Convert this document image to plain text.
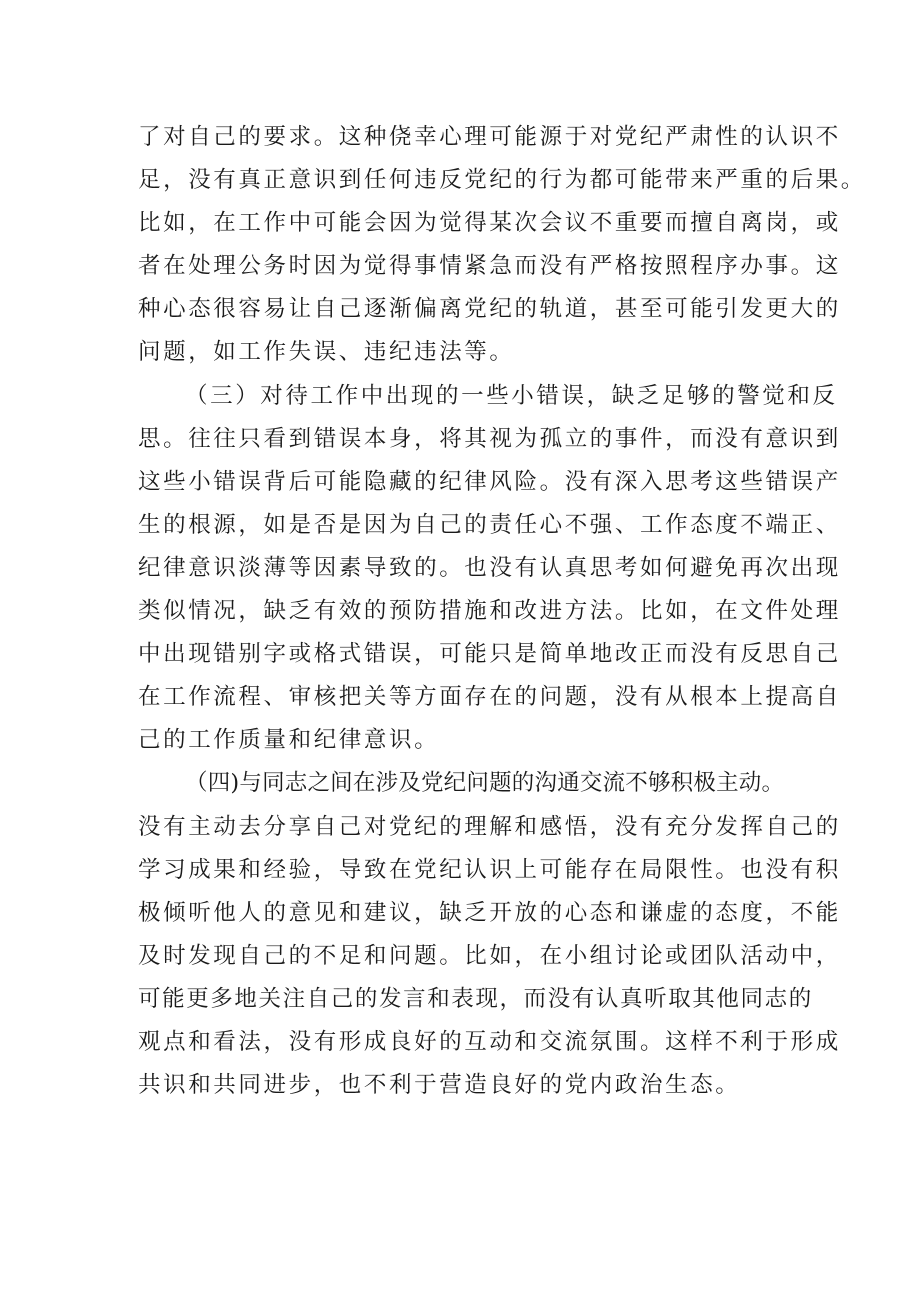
了对自己的要求。这种侥幸心理可能源于对党纪严肃性的认识不
足，没有真正意识到任何违反党纪的行为都可能带来严重的后果。
比如，在工作中可能会因为觉得某次会议不重要而擅自离岗，或
者在处理公务时因为觉得事情紧急而没有严格按照程序办事。这
种心态很容易让自己逐渐偏离党纪的轨道，甚至可能引发更大的
问题，如工作失误、违纪违法等。
（三）对待工作中出现的一些小错误，缺乏足够的警觉和反
思。往往只看到错误本身，将其视为孤立的事件，而没有意识到
这些小错误背后可能隐藏的纪律风险。没有深入思考这些错误产
生的根源，如是否是因为自己的责任心不强、工作态度不端正、
纪律意识淡薄等因素导致的。也没有认真思考如何避免再次出现
类似情况，缺乏有效的预防措施和改进方法。比如，在文件处理
中出现错别字或格式错误，可能只是简单地改正而没有反思自己
在工作流程、审核把关等方面存在的问题，没有从根本上提高自
己的工作质量和纪律意识。
（四)与同志之间在涉及党纪问题的沟通交流不够积极主动。
没有主动去分享自己对党纪的理解和感悟，没有充分发挥自己的
学习成果和经验，导致在党纪认识上可能存在局限性。也没有积
极倾听他人的意见和建议，缺乏开放的心态和谦虚的态度，不能
及时发现自己的不足和问题。比如，在小组讨论或团队活动中，
可能更多地关注自己的发言和表现，而没有认真听取其他同志的
观点和看法，没有形成良好的互动和交流氛围。这样不利于形成
共识和共同进步，也不利于营造良好的党内政治生态。
